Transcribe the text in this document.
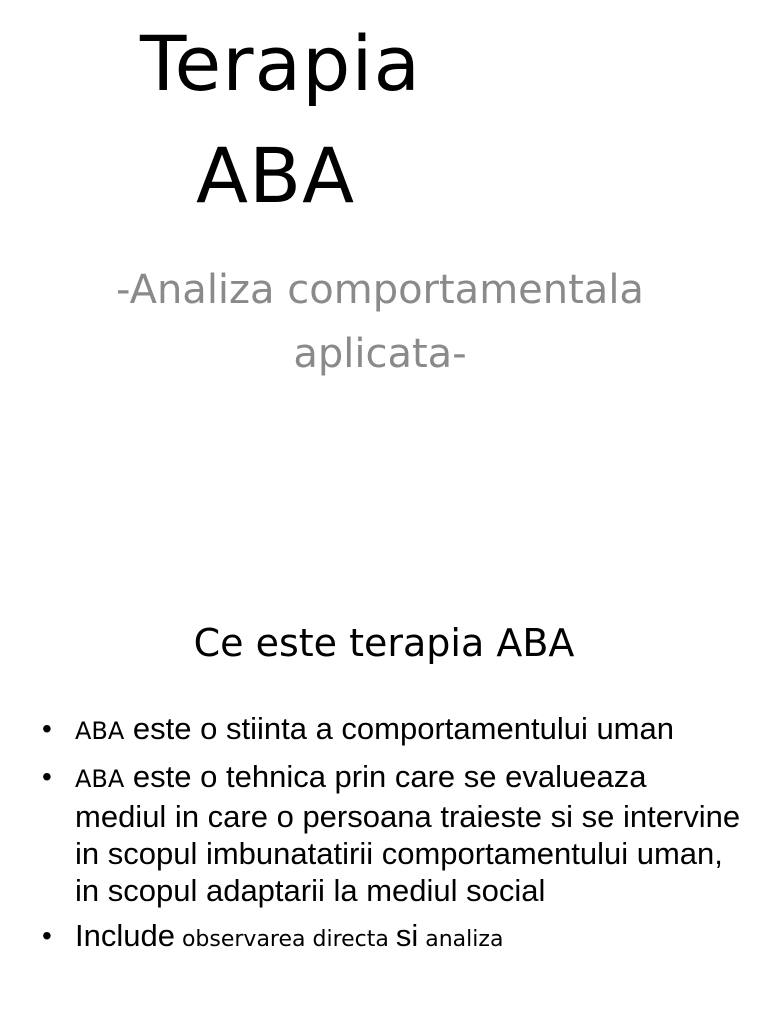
Terapia
ABA
-Analiza comportamentala
aplicata-
Ce este terapia ABA
• ABA este o stiinta a comportamentului uman
• ABA este o tehnica prin care se evalueaza mediul in care o persoana traieste si se intervine in scopul imbunatatirii comportamentului uman, in scopul adaptarii la mediul social
• Include observarea directa si analiza
